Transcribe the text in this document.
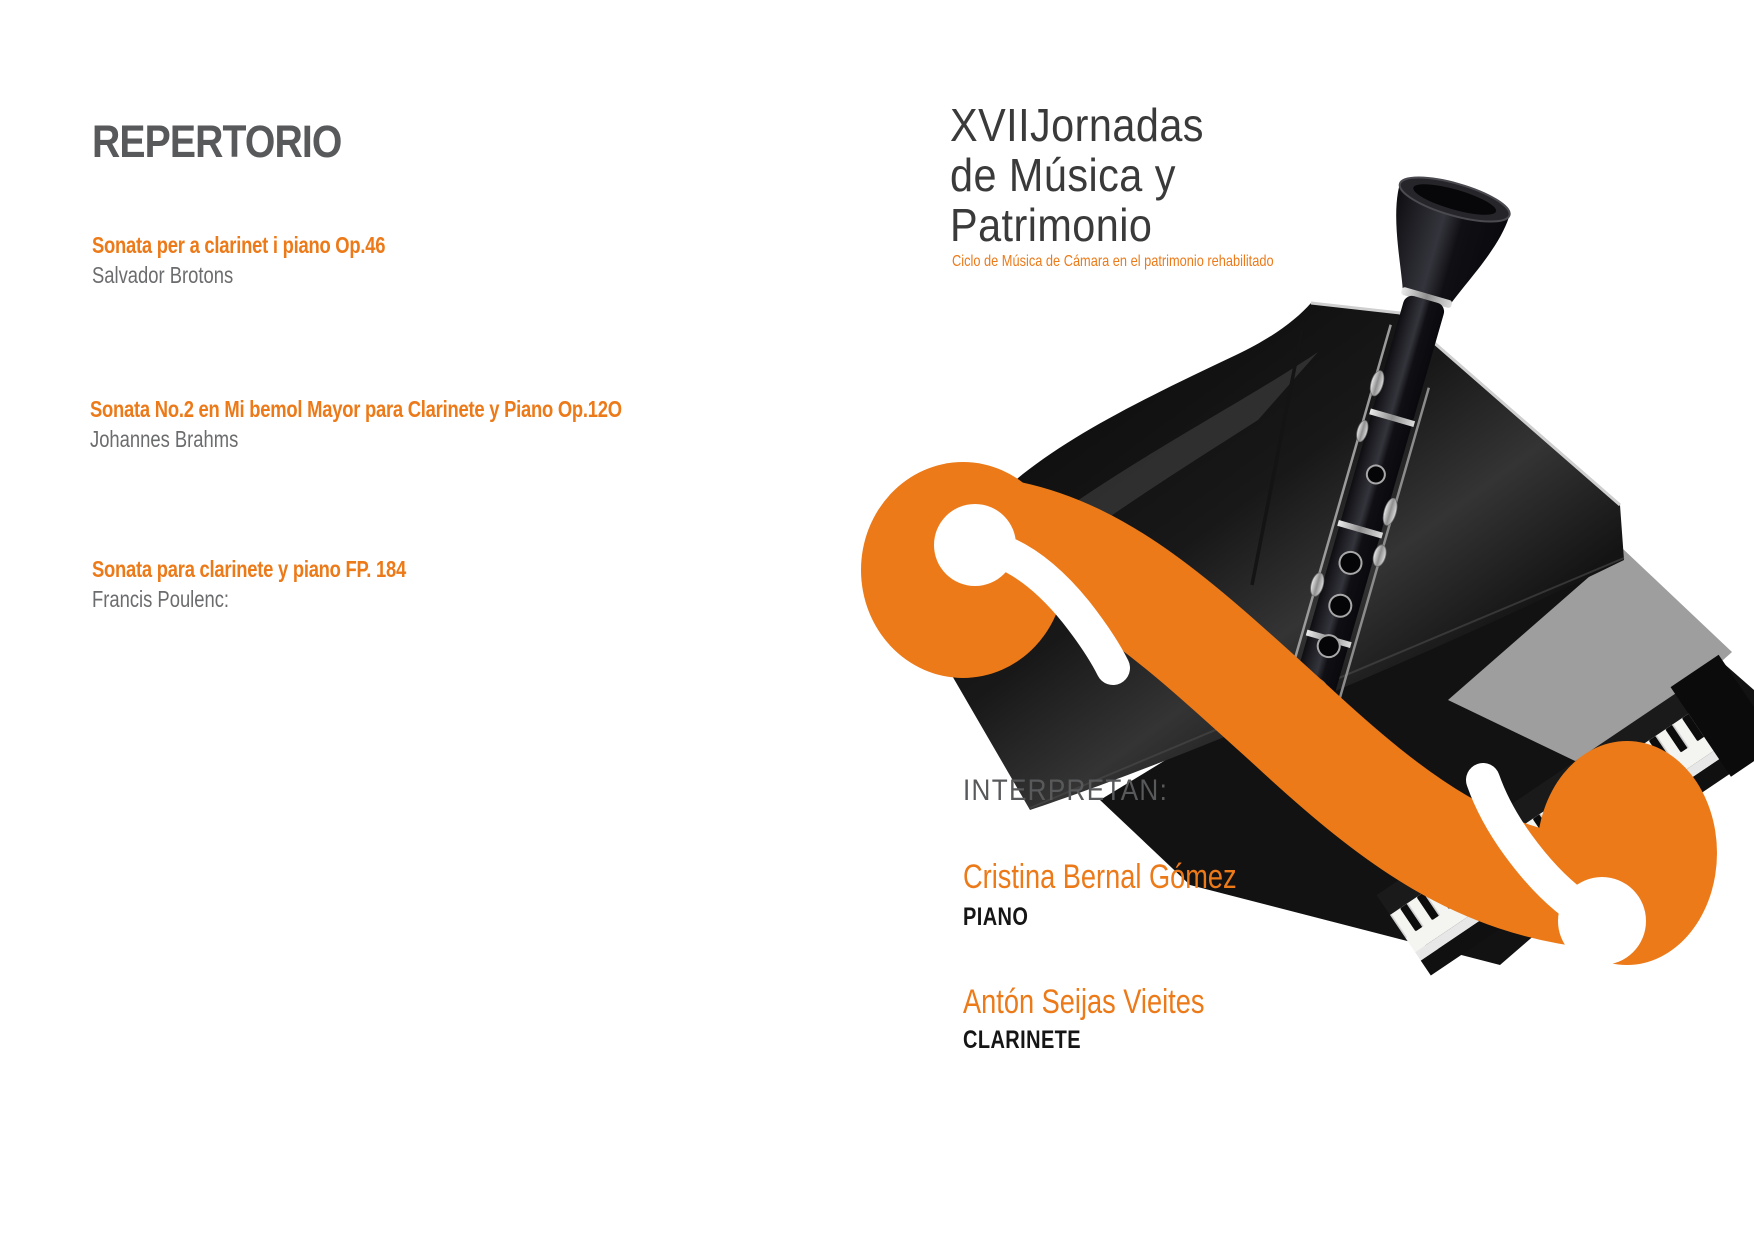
REPERTORIO
Sonata per a clarinet i piano Op.46
Salvador Brotons
Sonata No.2 en Mi bemol Mayor para Clarinete y Piano Op.12O
Johannes Brahms
Sonata para clarinete y piano FP. 184
Francis Poulenc:
XVIIJornadas
de Música y
Patrimonio
Ciclo de Música de Cámara en el patrimonio rehabilitado
INTERPRETAN:
Cristina Bernal Gómez
PIANO
Antón Seijas Vieites
CLARINETE
